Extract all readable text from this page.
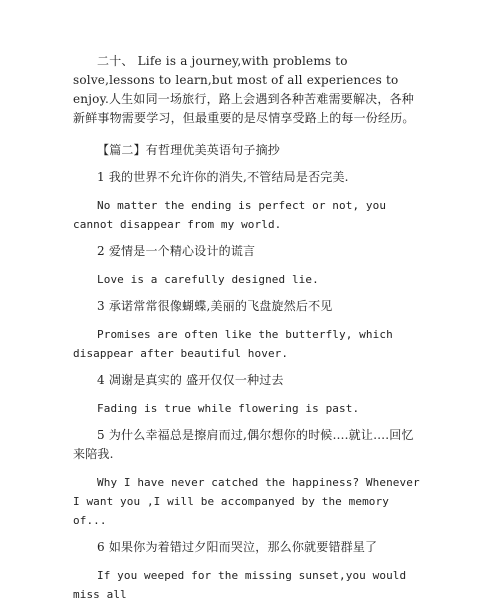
二十、 Life is a journey,with problems to solve,lessons to learn,but most of all experiences to enjoy.人生如同一场旅行，路上会遇到各种苦难需要解决，各种新鲜事物需要学习，但最重要的是尽情享受路上的每一份经历。

【篇二】有哲理优美英语句子摘抄

1 我的世界不允许你的消失,不管结局是否完美.

No matter the ending is perfect or not, you cannot disappear from my world.

2 爱情是一个精心设计的谎言

Love is a carefully designed lie.

3 承诺常常很像蝴蝶,美丽的飞盘旋然后不见

Promises are often like the butterfly, which disappear after beautiful hover.

4 凋谢是真实的 盛开仅仅一种过去

Fading is true while flowering is past.

5 为什么幸福总是擦肩而过,偶尔想你的时候….就让….回忆来陪我.

Why I have never catched the happiness? Whenever I want you ,I will be accompanyed by the memory of...

6 如果你为着错过夕阳而哭泣，那么你就要错群星了

If you weeped for the missing sunset,you would miss all
